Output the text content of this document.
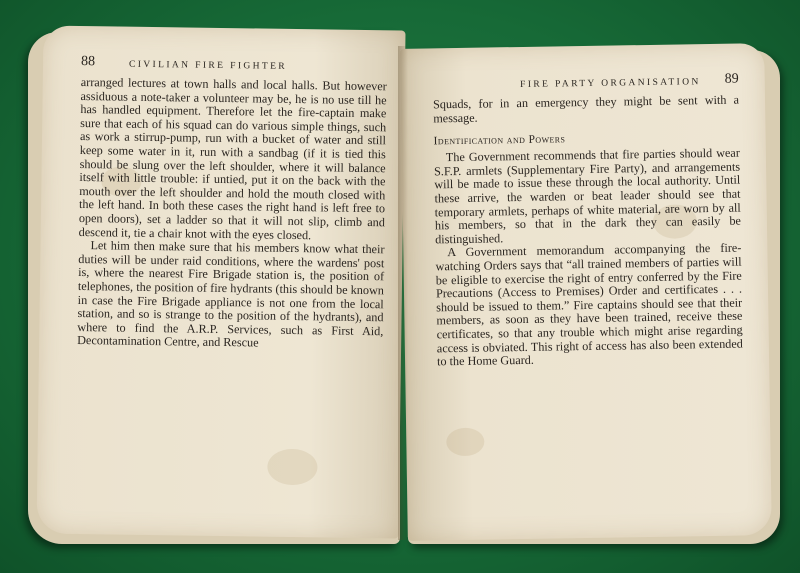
88	CIVILIAN FIRE FIGHTER

arranged lectures at town halls and local halls. But however assiduous a note-taker a volunteer may be, he is no use till he has handled equipment. Therefore let the fire-captain make sure that each of his squad can do various simple things, such as work a stirrup-pump, run with a bucket of water and still keep some water in it, run with a sandbag (if it is tied this should be slung over the left shoulder, where it will balance itself with little trouble: if untied, put it on the back with the mouth over the left shoulder and hold the mouth closed with the left hand. In both these cases the right hand is left free to open doors), set a ladder so that it will not slip, climb and descend it, tie a chair knot with the eyes closed.

Let him then make sure that his members know what their duties will be under raid conditions, where the wardens' post is, where the nearest Fire Brigade station is, the position of telephones, the position of fire hydrants (this should be known in case the Fire Brigade appliance is not one from the local station, and so is strange to the position of the hydrants), and where to find the A.R.P. Services, such as First Aid, Decontamination Centre, and Rescue

FIRE PARTY ORGANISATION 89

Squads, for in an emergency they might be sent with a message.

Identification and Powers

The Government recommends that fire parties should wear S.F.P. armlets (Supplementary Fire Party), and arrangements will be made to issue these through the local authority. Until these arrive, the warden or beat leader should see that temporary armlets, perhaps of white material, are worn by all his members, so that in the dark they can easily be distinguished.

A Government memorandum accompanying the fire-watching Orders says that “all trained members of parties will be eligible to exercise the right of entry conferred by the Fire Precautions (Access to Premises) Order and certificates . . . should be issued to them.” Fire captains should see that their members, as soon as they have been trained, receive these certificates, so that any trouble which might arise regarding access is obviated. This right of access has also been extended to the Home Guard.
